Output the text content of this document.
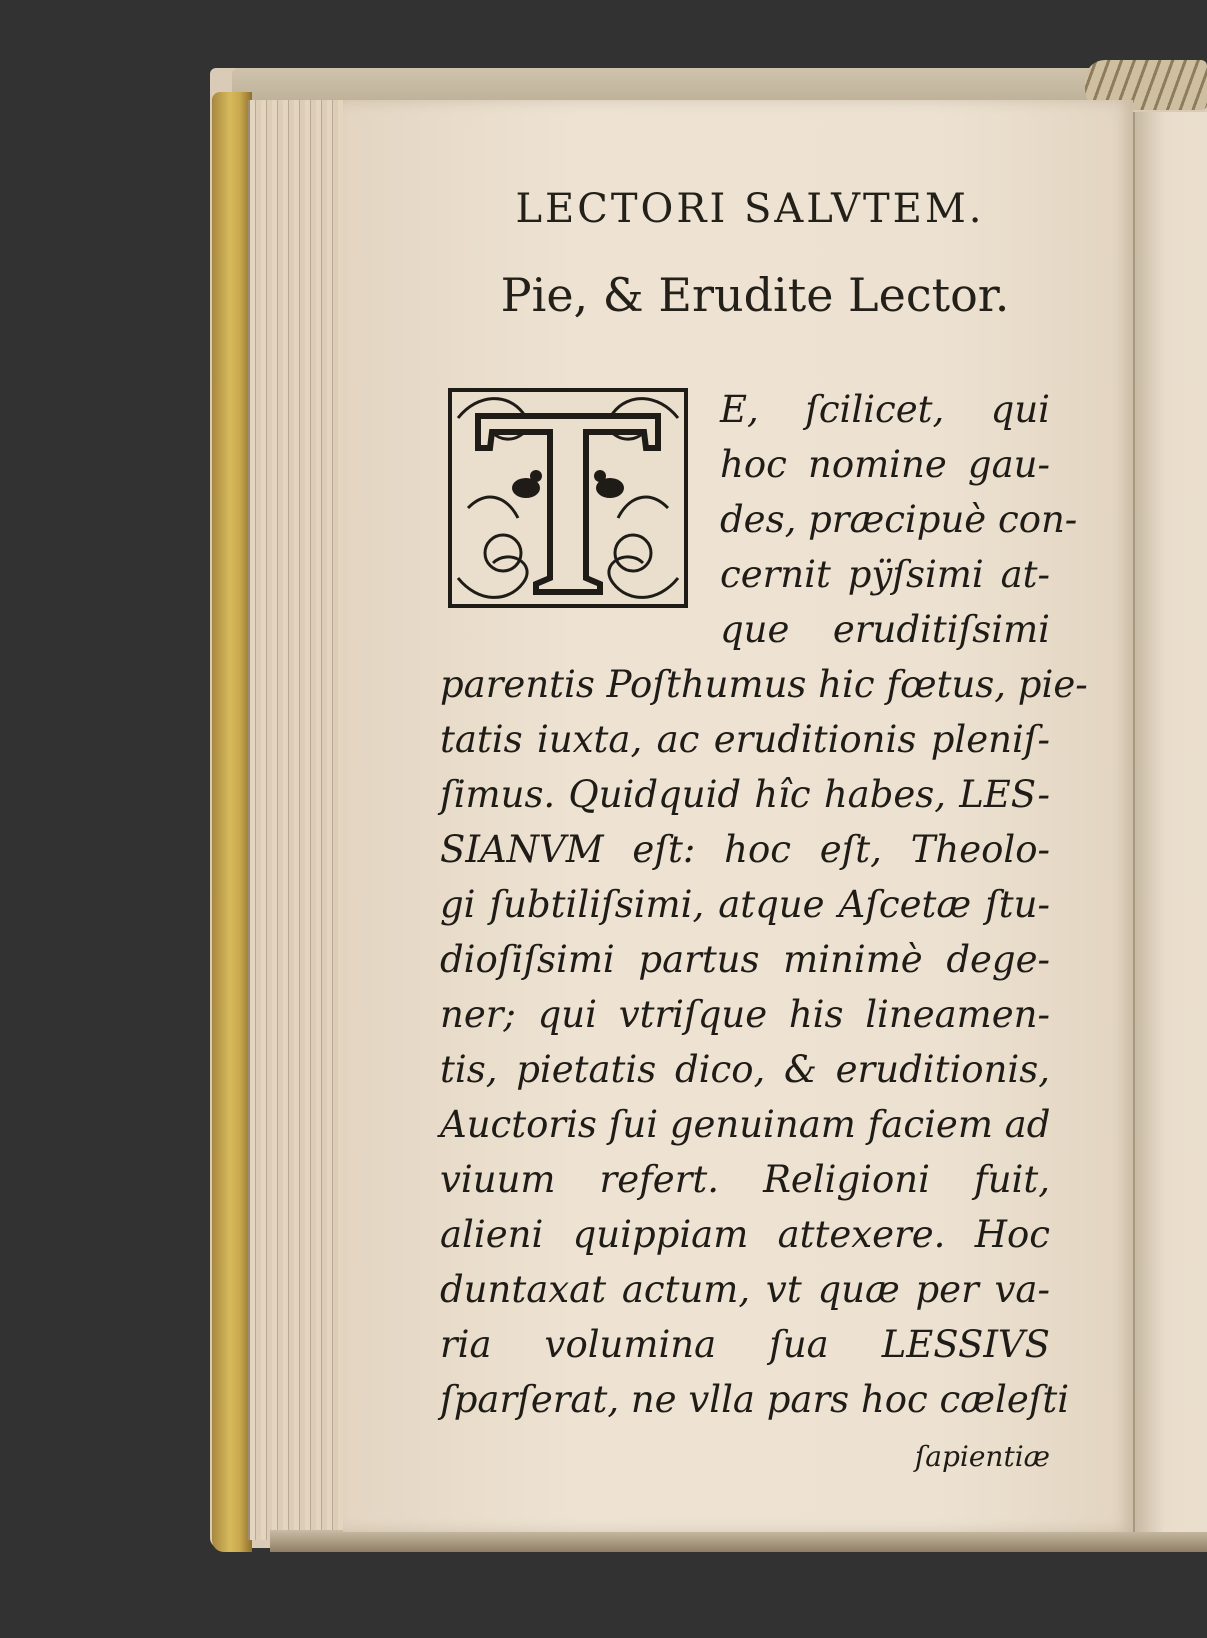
LECTORI SALVTEM.
Pie, & Erudite Lector.
T

E, ſcilicet, qui

hoc nomine gau-

des, præcipuè con-

cernit pÿſsimi at-

que eruditiſsimi

parentis Poſthumus hic fœtus, pie-

tatis iuxta, ac eruditionis pleniſ-

ſimus. Quidquid hîc habes, LES-

SIANVM eſt: hoc eſt, Theolo-

gi ſubtiliſsimi, atque Aſcetæ ſtu-

dioſiſsimi partus minimè dege-

ner; qui vtriſque his lineamen-

tis, pietatis dico, & eruditionis,

Auctoris ſui genuinam faciem ad

viuum refert. Religioni fuit,

alieni quippiam attexere. Hoc

duntaxat actum, vt quæ per va-

ria volumina ſua LESSIVS

ſparſerat, ne vlla pars hoc cæleſti

ſapientiæ
